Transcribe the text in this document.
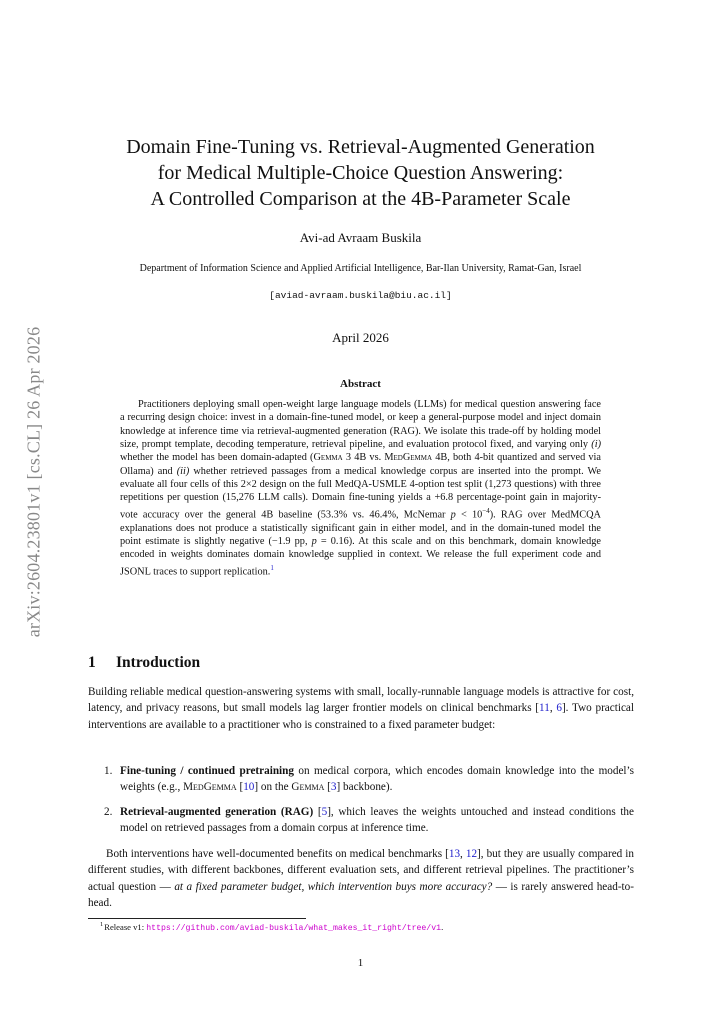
arXiv:2604.23801v1 [cs.CL] 26 Apr 2026
Domain Fine-Tuning vs. Retrieval-Augmented Generation
for Medical Multiple-Choice Question Answering:
A Controlled Comparison at the 4B-Parameter Scale
Avi-ad Avraam Buskila
Department of Information Science and Applied Artificial Intelligence, Bar-Ilan University, Ramat-Gan, Israel
[aviad-avraam.buskila@biu.ac.il]
April 2026
Abstract

Practitioners deploying small open-weight large language models (LLMs) for medical question answering face a recurring design choice: invest in a domain-fine-tuned model, or keep a general-purpose model and inject domain knowledge at inference time via retrieval-augmented generation (RAG). We isolate this trade-off by holding model size, prompt template, decoding temperature, retrieval pipeline, and evaluation protocol fixed, and varying only (i) whether the model has been domain-adapted (Gemma 3 4B vs. MedGemma 4B, both 4-bit quantized and served via Ollama) and (ii) whether retrieved passages from a medical knowledge corpus are inserted into the prompt. We evaluate all four cells of this 2×2 design on the full MedQA-USMLE 4-option test split (1,273 questions) with three repetitions per question (15,276 LLM calls). Domain fine-tuning yields a +6.8 percentage-point gain in majority-vote accuracy over the general 4B baseline (53.3% vs. 46.4%, McNemar $p < 10^{-4}$). RAG over MedMCQA explanations does not produce a statistically significant gain in either model, and in the domain-tuned model the point estimate is slightly negative (−1.9 pp, p = 0.16). At this scale and on this benchmark, domain knowledge encoded in weights dominates domain knowledge supplied in context. We release the full experiment code and JSONL traces to support replication.$^1$

1 Introduction

Building reliable medical question-answering systems with small, locally-runnable language models is attractive for cost, latency, and privacy reasons, but small models lag larger frontier models on clinical benchmarks [11, 6]. Two practical interventions are available to a practitioner who is constrained to a fixed parameter budget:

1. Fine-tuning / continued pretraining on medical corpora, which encodes domain knowledge into the model’s weights (e.g., MedGemma [10] on the Gemma [3] backbone).
2. Retrieval-augmented generation (RAG) [5], which leaves the weights untouched and instead conditions the model on retrieved passages from a domain corpus at inference time.

Both interventions have well-documented benefits on medical benchmarks [13, 12], but they are usually compared in different studies, with different backbones, different evaluation sets, and different retrieval pipelines. The practitioner’s actual question — at a fixed parameter budget, which intervention buys more accuracy? — is rarely answered head-to-head.

$^1$Release v1: https://github.com/aviad-buskila/what_makes_it_right/tree/v1.
1
